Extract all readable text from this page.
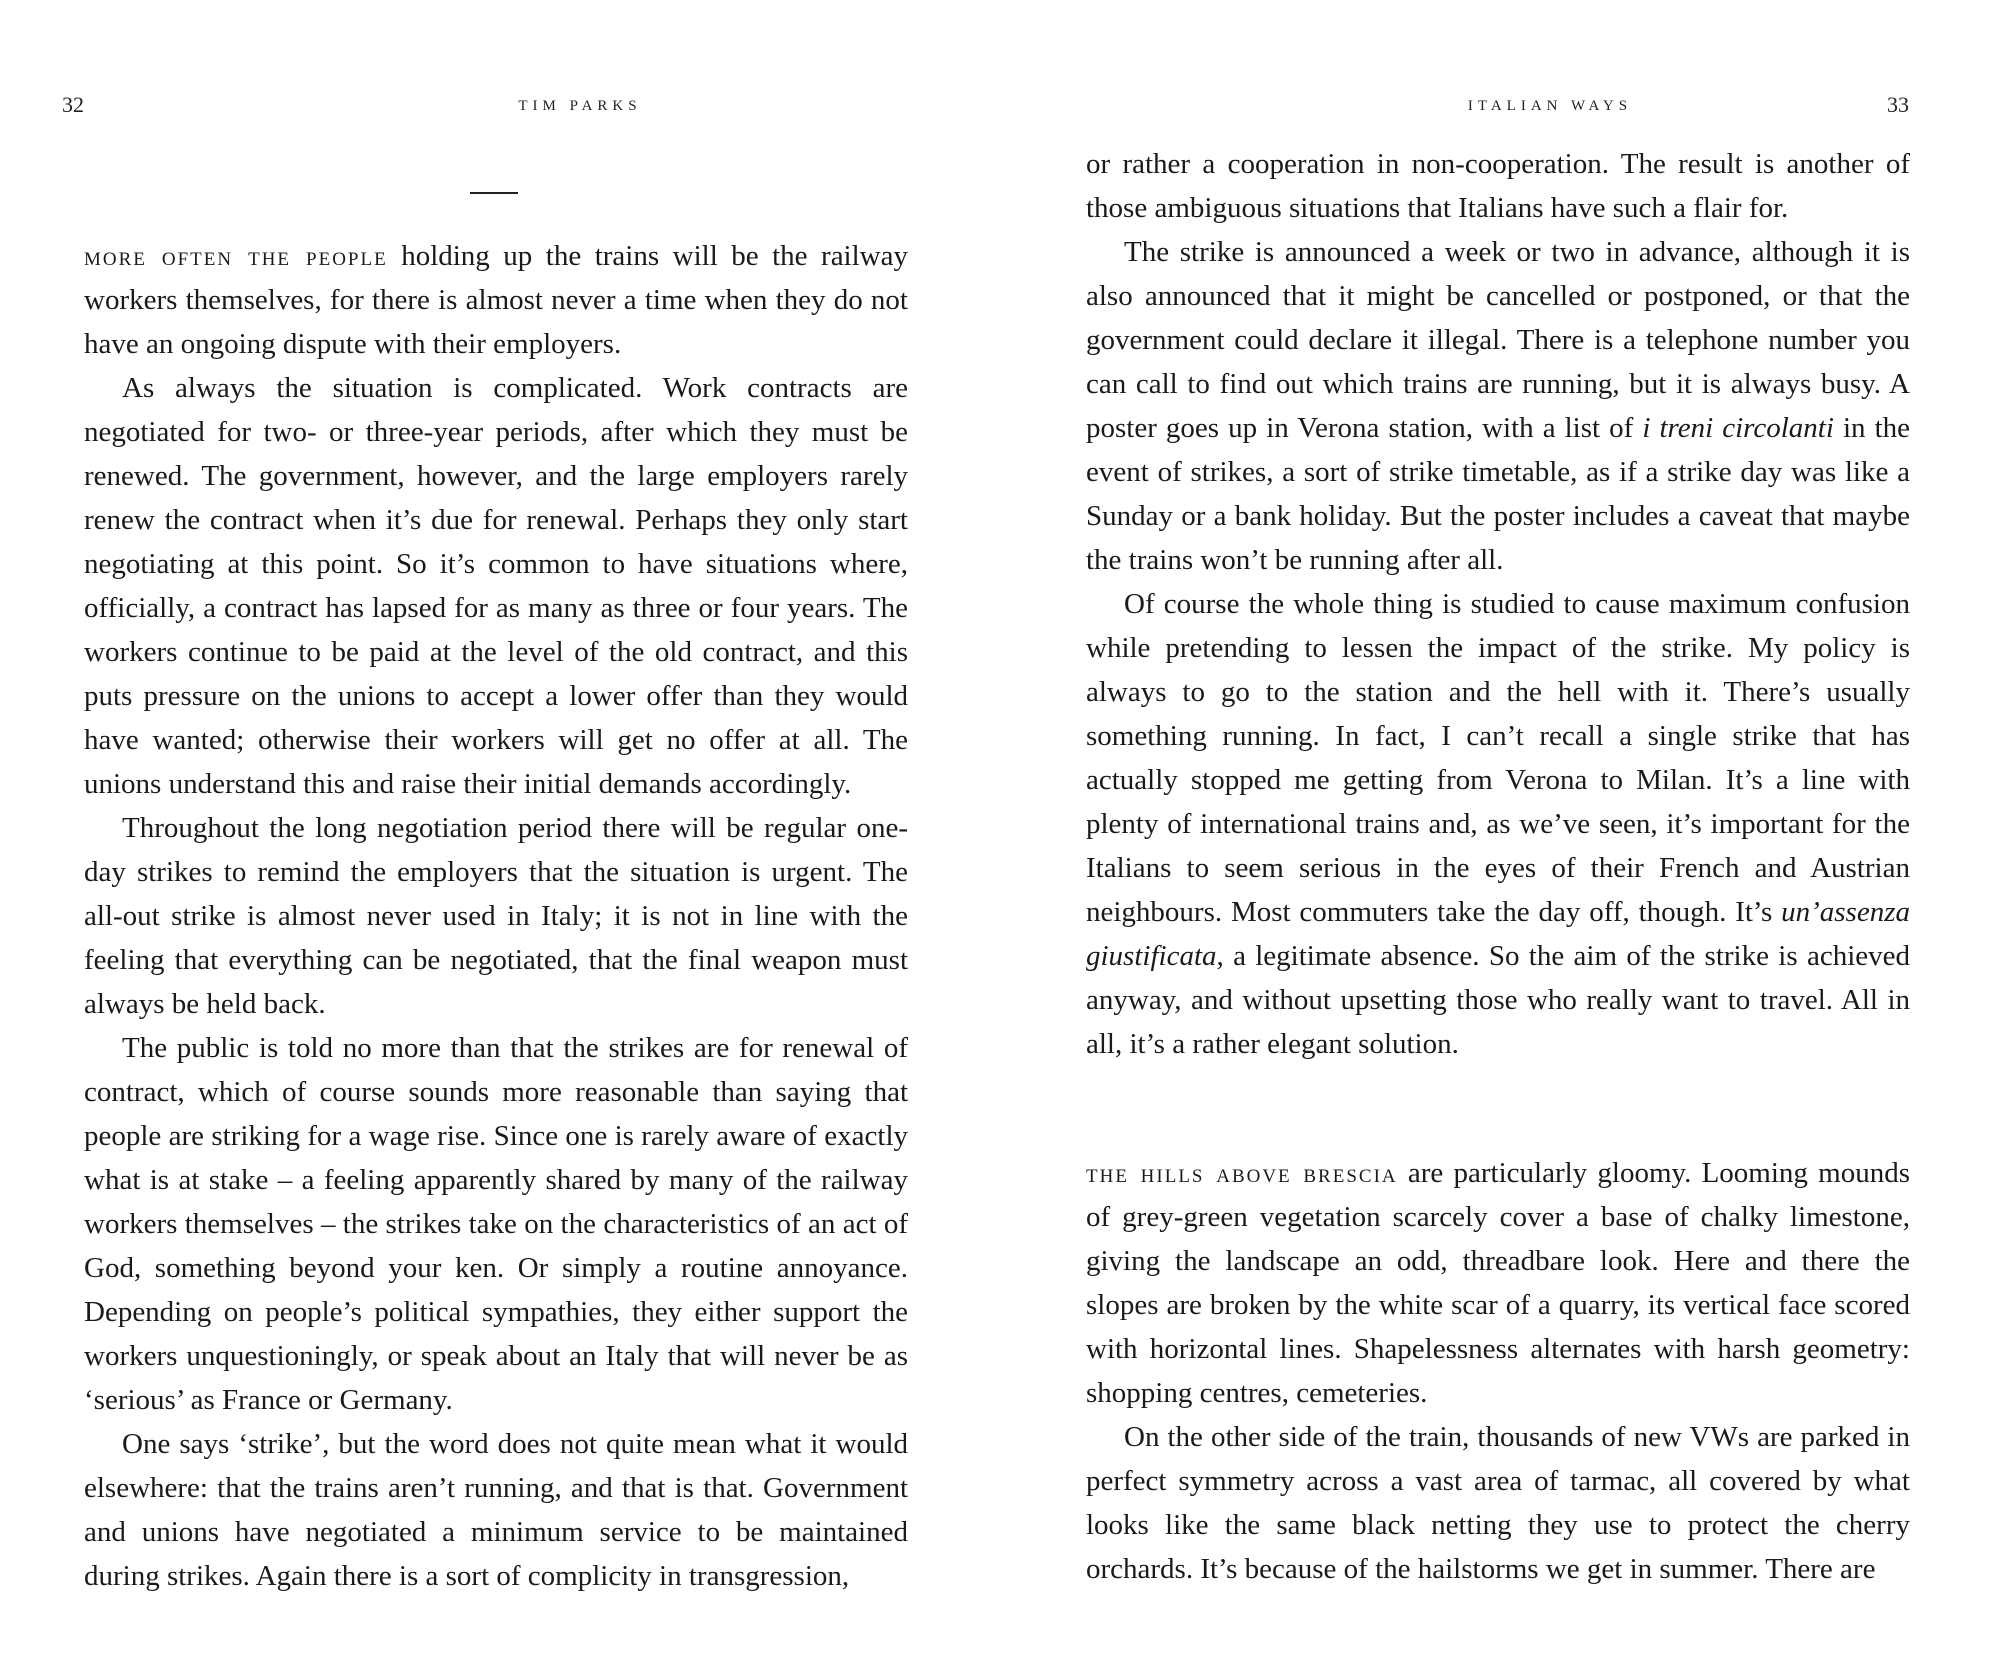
32	TIM PARKS

more often the people holding up the trains will be the railway workers themselves, for there is almost never a time when they do not have an ongoing dispute with their employers.

As always the situation is complicated. Work contracts are negotiated for two- or three-year periods, after which they must be renewed. The government, however, and the large employers rarely renew the contract when it’s due for renewal. Perhaps they only start negotiating at this point. So it’s common to have situations where, officially, a contract has lapsed for as many as three or four years. The workers continue to be paid at the level of the old contract, and this puts pressure on the unions to accept a lower offer than they would have wanted; otherwise their workers will get no offer at all. The unions understand this and raise their initial demands accordingly.

Throughout the long negotiation period there will be regular one-day strikes to remind the employers that the situation is urgent. The all-out strike is almost never used in Italy; it is not in line with the feeling that everything can be negotiated, that the final weapon must always be held back.

The public is told no more than that the strikes are for renewal of contract, which of course sounds more reasonable than saying that people are striking for a wage rise. Since one is rarely aware of exactly what is at stake – a feeling apparently shared by many of the railway workers themselves – the strikes take on the characteristics of an act of God, something beyond your ken. Or simply a routine annoyance. Depending on people’s political sympathies, they either support the workers unquestioningly, or speak about an Italy that will never be as ‘serious’ as France or Germany.

One says ‘strike’, but the word does not quite mean what it would elsewhere: that the trains aren’t running, and that is that. Government and unions have negotiated a minimum service to be maintained during strikes. Again there is a sort of complicity in transgression,

ITALIAN WAYS	33

or rather a cooperation in non-cooperation. The result is another of those ambiguous situations that Italians have such a flair for.

The strike is announced a week or two in advance, although it is also announced that it might be cancelled or postponed, or that the government could declare it illegal. There is a telephone number you can call to find out which trains are running, but it is always busy. A poster goes up in Verona station, with a list of i treni circolanti in the event of strikes, a sort of strike timetable, as if a strike day was like a Sunday or a bank holiday. But the poster includes a caveat that maybe the trains won’t be running after all.

Of course the whole thing is studied to cause maximum confusion while pretending to lessen the impact of the strike. My policy is always to go to the station and the hell with it. There’s usually something running. In fact, I can’t recall a single strike that has actually stopped me getting from Verona to Milan. It’s a line with plenty of international trains and, as we’ve seen, it’s important for the Italians to seem serious in the eyes of their French and Austrian neighbours. Most commuters take the day off, though. It’s un’assenza giustificata, a legitimate absence. So the aim of the strike is achieved anyway, and without upsetting those who really want to travel. All in all, it’s a rather elegant solution.

the hills above brescia are particularly gloomy. Looming mounds of grey-green vegetation scarcely cover a base of chalky limestone, giving the landscape an odd, threadbare look. Here and there the slopes are broken by the white scar of a quarry, its vertical face scored with horizontal lines. Shapelessness alternates with harsh geometry: shopping centres, cemeteries.

On the other side of the train, thousands of new VWs are parked in perfect symmetry across a vast area of tarmac, all covered by what looks like the same black netting they use to protect the cherry orchards. It’s because of the hailstorms we get in summer. There are
